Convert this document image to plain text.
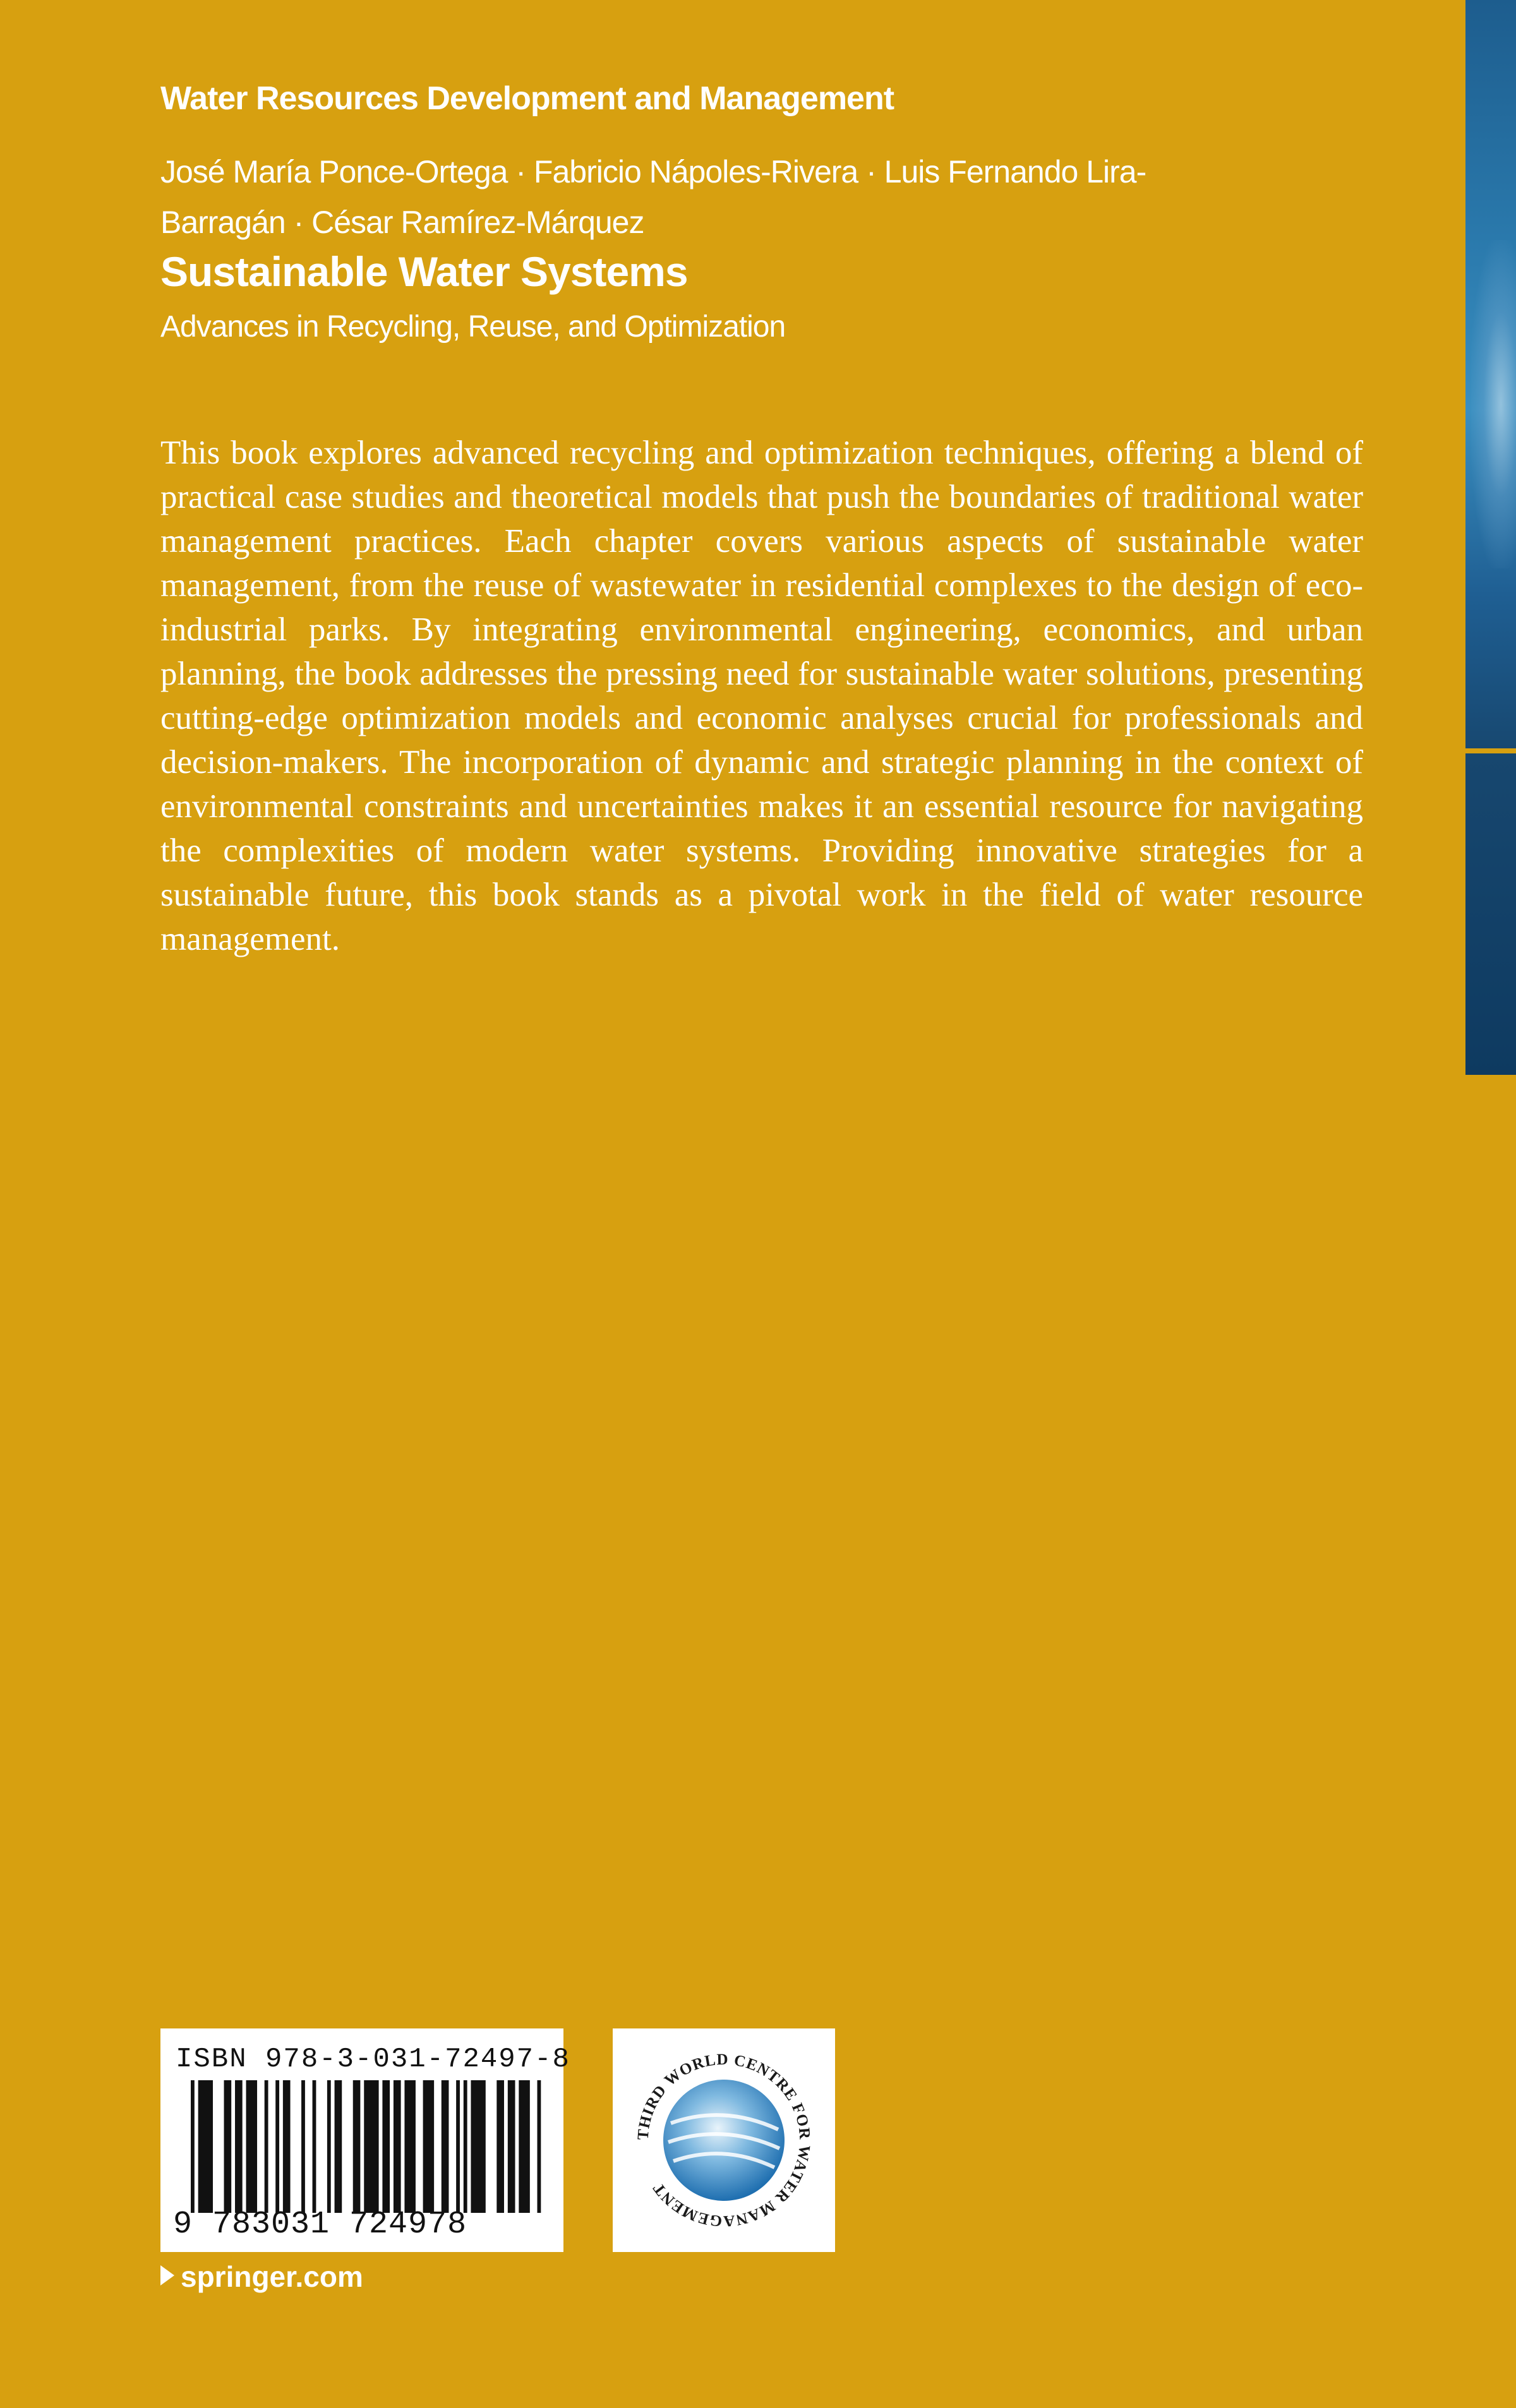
Water Resources Development and Management
José María Ponce-Ortega · Fabricio Nápoles-Rivera · Luis Fernando Lira-Barragán · César Ramírez-Márquez
Sustainable Water Systems
Advances in Recycling, Reuse, and Optimization
This book explores advanced recycling and optimization techniques, offering a blend of practical case studies and theoretical models that push the boundaries of traditional water management practices. Each chapter covers various aspects of sustainable water management, from the reuse of wastewater in residential complexes to the design of eco-industrial parks. By integrating environmental engineering, economics, and urban planning, the book addresses the pressing need for sustainable water solutions, presenting cutting-edge optimization models and economic analyses crucial for professionals and decision-makers. The incorporation of dynamic and strategic planning in the context of environmental constraints and uncertainties makes it an essential resource for navigating the complexities of modern water systems. Providing innovative strategies for a sustainable future, this book stands as a pivotal work in the field of water resource management.
ISBN 978-3-031-72497-8
9 783031 724978
THIRD WORLD CENTRE FOR WATER MANAGEMENT
springer.com
